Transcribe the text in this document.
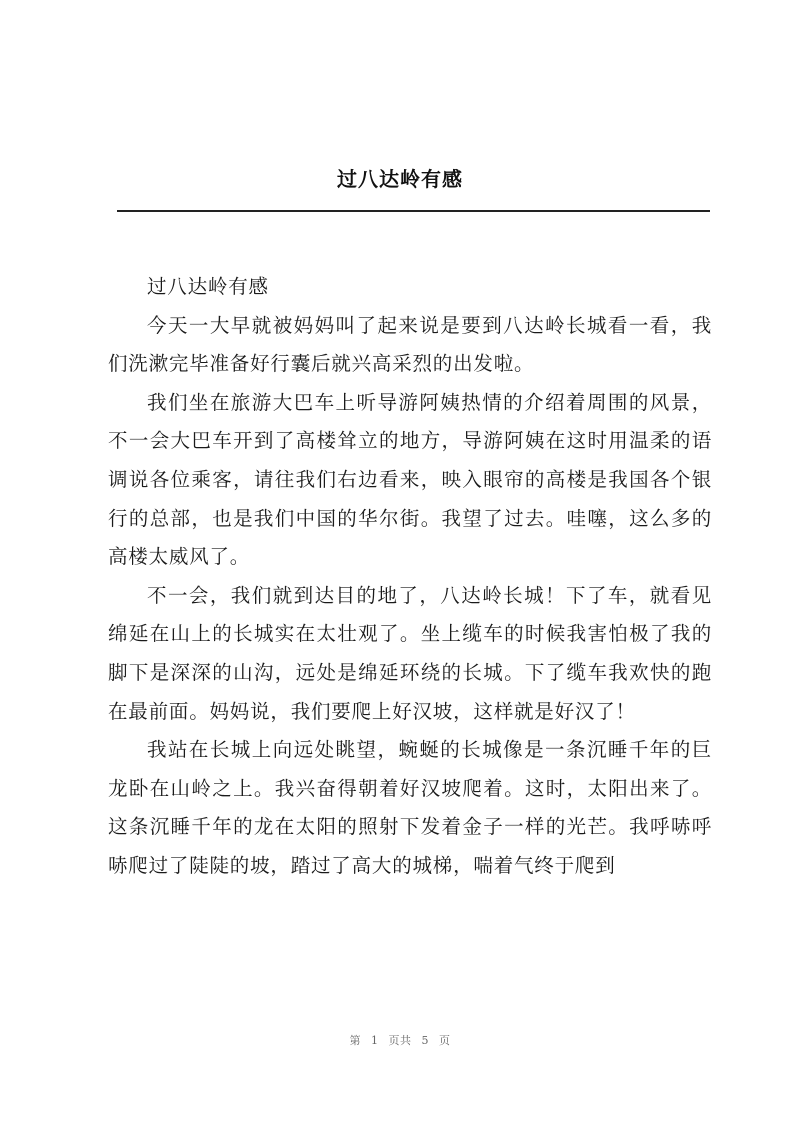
过八达岭有感

过八达岭有感

今天一大早就被妈妈叫了起来说是要到八达岭长城看一看，我们洗漱完毕准备好行囊后就兴高采烈的出发啦。

我们坐在旅游大巴车上听导游阿姨热情的介绍着周围的风景，不一会大巴车开到了高楼耸立的地方，导游阿姨在这时用温柔的语调说各位乘客，请往我们右边看来，映入眼帘的高楼是我国各个银行的总部，也是我们中国的华尔街。我望了过去。哇噻，这么多的高楼太威风了。

不一会，我们就到达目的地了，八达岭长城！下了车，就看见绵延在山上的长城实在太壮观了。坐上缆车的时候我害怕极了我的脚下是深深的山沟，远处是绵延环绕的长城。下了缆车我欢快的跑在最前面。妈妈说，我们要爬上好汉坡，这样就是好汉了！

我站在长城上向远处眺望，蜿蜒的长城像是一条沉睡千年的巨龙卧在山岭之上。我兴奋得朝着好汉坡爬着。这时，太阳出来了。这条沉睡千年的龙在太阳的照射下发着金子一样的光芒。我呼哧呼哧爬过了陡陡的坡，踏过了高大的城梯，喘着气终于爬到

第 1 页共 5 页
